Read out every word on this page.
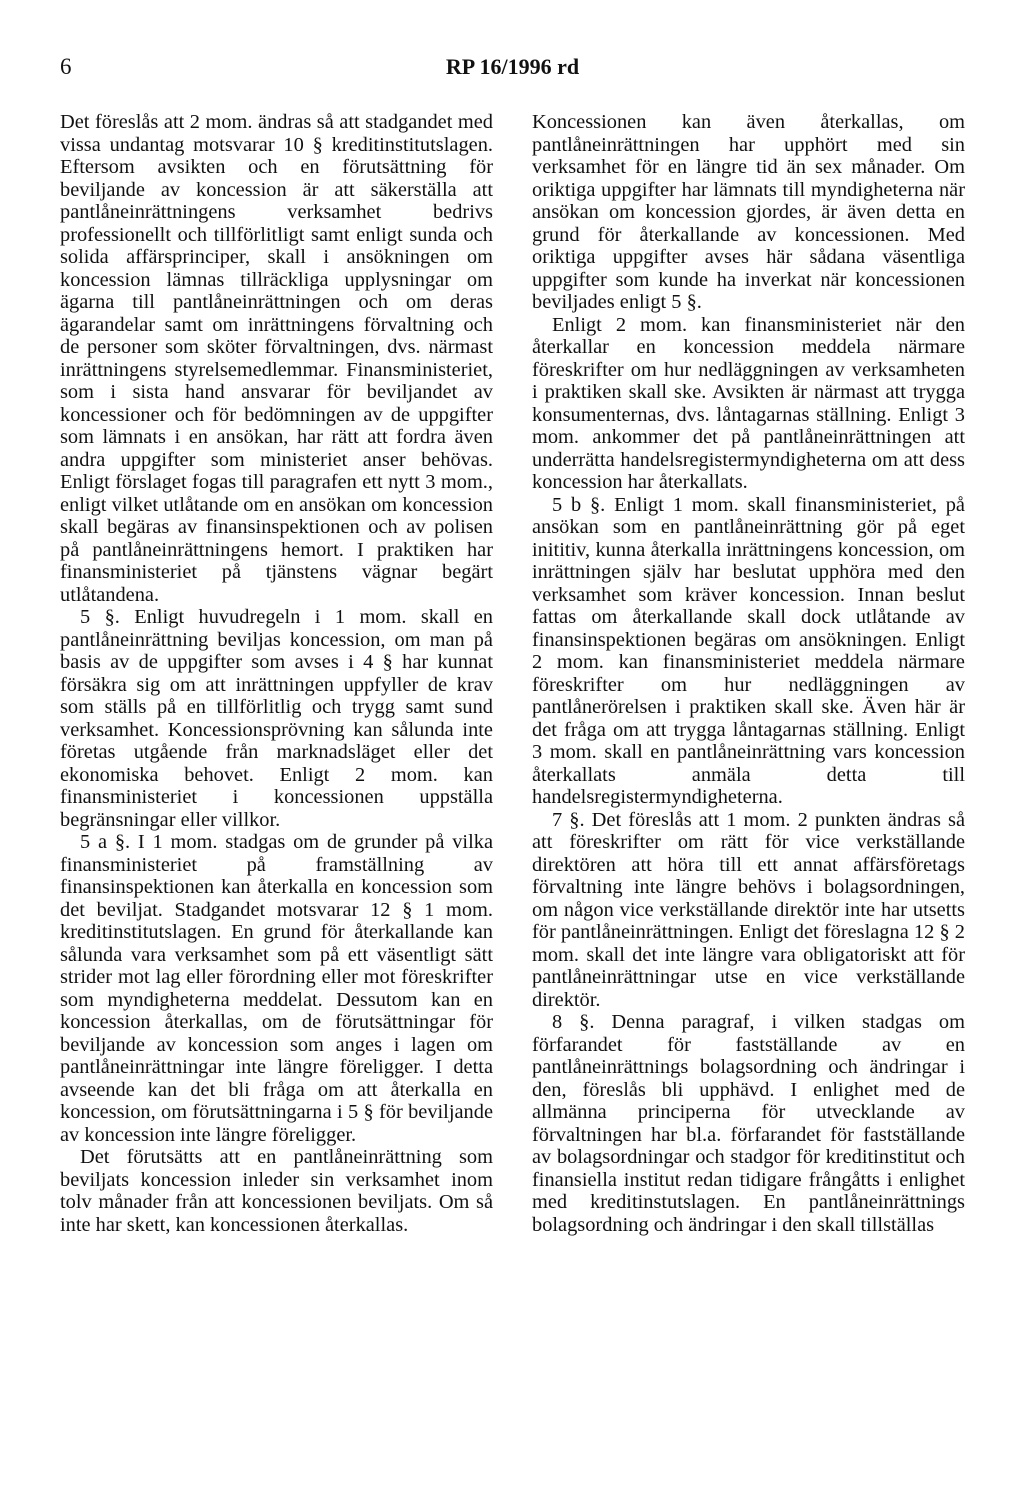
6	RP 16/1996 rd

Det föreslås att 2 mom. ändras så att stadgandet med vissa undantag motsvarar 10 § kreditinstitutslagen. Eftersom avsikten och en förutsättning för beviljande av koncession är att säkerställa att pantlåneinrättningens verksamhet bedrivs professionellt och tillförlitligt samt enligt sunda och solida affärsprinciper, skall i ansökningen om koncession lämnas tillräckliga upplysningar om ägarna till pantlåneinrättningen och om deras ägarandelar samt om inrättningens förvaltning och de personer som sköter förvaltningen, dvs. närmast inrättningens styrelsemedlemmar. Finansministeriet, som i sista hand ansvarar för beviljandet av koncessioner och för bedömningen av de uppgifter som lämnats i en ansökan, har rätt att fordra även andra uppgifter som ministeriet anser behövas. Enligt förslaget fogas till paragrafen ett nytt 3 mom., enligt vilket utlåtande om en ansökan om koncession skall begäras av finansinspektionen och av polisen på pantlåneinrättningens hemort. I praktiken har finansministeriet på tjänstens vägnar begärt utlåtandena.

5 §. Enligt huvudregeln i 1 mom. skall en pantlåneinrättning beviljas koncession, om man på basis av de uppgifter som avses i 4 § har kunnat försäkra sig om att inrättningen uppfyller de krav som ställs på en tillförlitlig och trygg samt sund verksamhet. Koncessionsprövning kan sålunda inte företas utgående från marknadsläget eller det ekonomiska behovet. Enligt 2 mom. kan finansministeriet i koncessionen uppställa begränsningar eller villkor.

5 a §. I 1 mom. stadgas om de grunder på vilka finansministeriet på framställning av finansinspektionen kan återkalla en koncession som det beviljat. Stadgandet motsvarar 12 § 1 mom. kreditinstitutslagen. En grund för återkallande kan sålunda vara verksamhet som på ett väsentligt sätt strider mot lag eller förordning eller mot föreskrifter som myndigheterna meddelat. Dessutom kan en koncession återkallas, om de förutsättningar för beviljande av koncession som anges i lagen om pantlåneinrättningar inte längre föreligger. I detta avseende kan det bli fråga om att återkalla en koncession, om förutsättningarna i 5 § för beviljande av koncession inte längre föreligger.

Det förutsätts att en pantlåneinrättning som beviljats koncession inleder sin verksamhet inom tolv månader från att koncessionen beviljats. Om så inte har skett, kan koncessionen återkallas.

Koncessionen kan även återkallas, om pantlåneinrättningen har upphört med sin verksamhet för en längre tid än sex månader. Om oriktiga uppgifter har lämnats till myndigheterna när ansökan om koncession gjordes, är även detta en grund för återkallande av koncessionen. Med oriktiga uppgifter avses här sådana väsentliga uppgifter som kunde ha inverkat när koncessionen beviljades enligt 5 §.

Enligt 2 mom. kan finansministeriet när den återkallar en koncession meddela närmare föreskrifter om hur nedläggningen av verksamheten i praktiken skall ske. Avsikten är närmast att trygga konsumenternas, dvs. låntagarnas ställning. Enligt 3 mom. ankommer det på pantlåneinrättningen att underrätta handelsregistermyndigheterna om att dess koncession har återkallats.

5 b §. Enligt 1 mom. skall finansministeriet, på ansökan som en pantlåneinrättning gör på eget inititiv, kunna återkalla inrättningens koncession, om inrättningen själv har beslutat upphöra med den verksamhet som kräver koncession. Innan beslut fattas om återkallande skall dock utlåtande av finansinspektionen begäras om ansökningen. Enligt 2 mom. kan finansministeriet meddela närmare föreskrifter om hur nedläggningen av pantlånerörelsen i praktiken skall ske. Även här är det fråga om att trygga låntagarnas ställning. Enligt 3 mom. skall en pantlåneinrättning vars koncession återkallats anmäla detta till handelsregistermyndigheterna.

7 §. Det föreslås att 1 mom. 2 punkten ändras så att föreskrifter om rätt för vice verkställande direktören att höra till ett annat affärsföretags förvaltning inte längre behövs i bolagsordningen, om någon vice verkställande direktör inte har utsetts för pantlåneinrättningen. Enligt det föreslagna 12 § 2 mom. skall det inte längre vara obligatoriskt att för pantlåneinrättningar utse en vice verkställande direktör.

8 §. Denna paragraf, i vilken stadgas om förfarandet för fastställande av en pantlåneinrättnings bolagsordning och ändringar i den, föreslås bli upphävd. I enlighet med de allmänna principerna för utvecklande av förvaltningen har bl.a. förfarandet för fastställande av bolagsordningar och stadgor för kreditinstitut och finansiella institut redan tidigare frångåtts i enlighet med kreditinstutslagen. En pantlåneinrättnings bolagsordning och ändringar i den skall tillställas
